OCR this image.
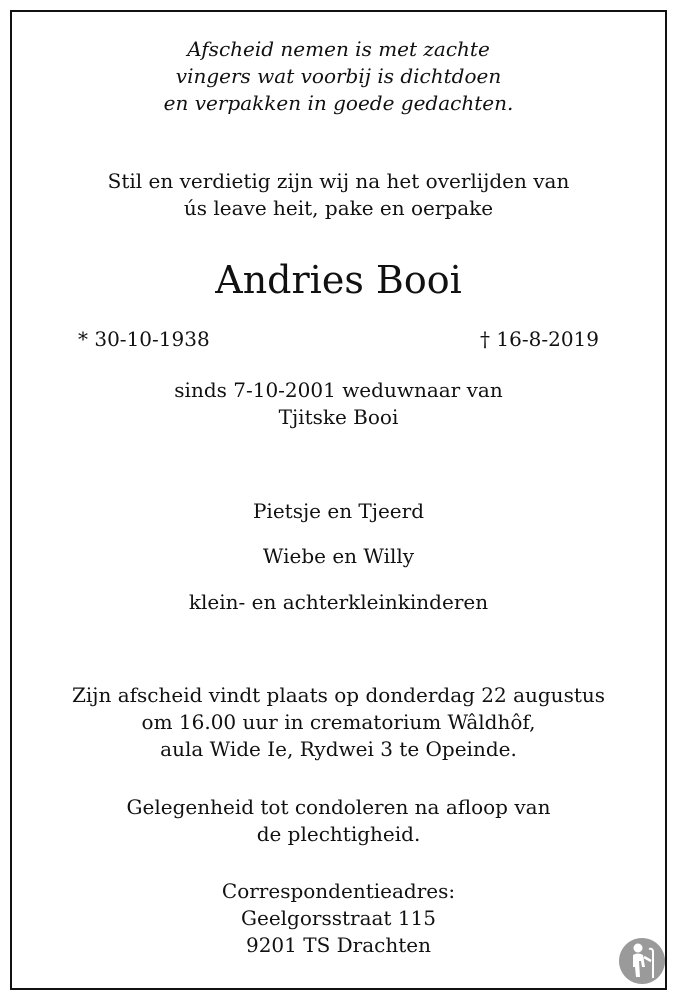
Afscheid nemen is met zachte
vingers wat voorbij is dichtdoen
en verpakken in goede gedachten.
Stil en verdietig zijn wij na het overlijden van
ús leave heit, pake en oerpake
Andries Booi
* 30-10-1938	† 16-8-2019
sinds 7-10-2001 weduwnaar van
Tjitske Booi
Pietsje en Tjeerd
Wiebe en Willy
klein- en achterkleinkinderen
Zijn afscheid vindt plaats op donderdag 22 augustus
om 16.00 uur in crematorium Wâldhôf,
aula Wide Ie, Rydwei 3 te Opeinde.
Gelegenheid tot condoleren na afloop van
de plechtigheid.
Correspondentieadres:
Geelgorsstraat 115
9201 TS Drachten
